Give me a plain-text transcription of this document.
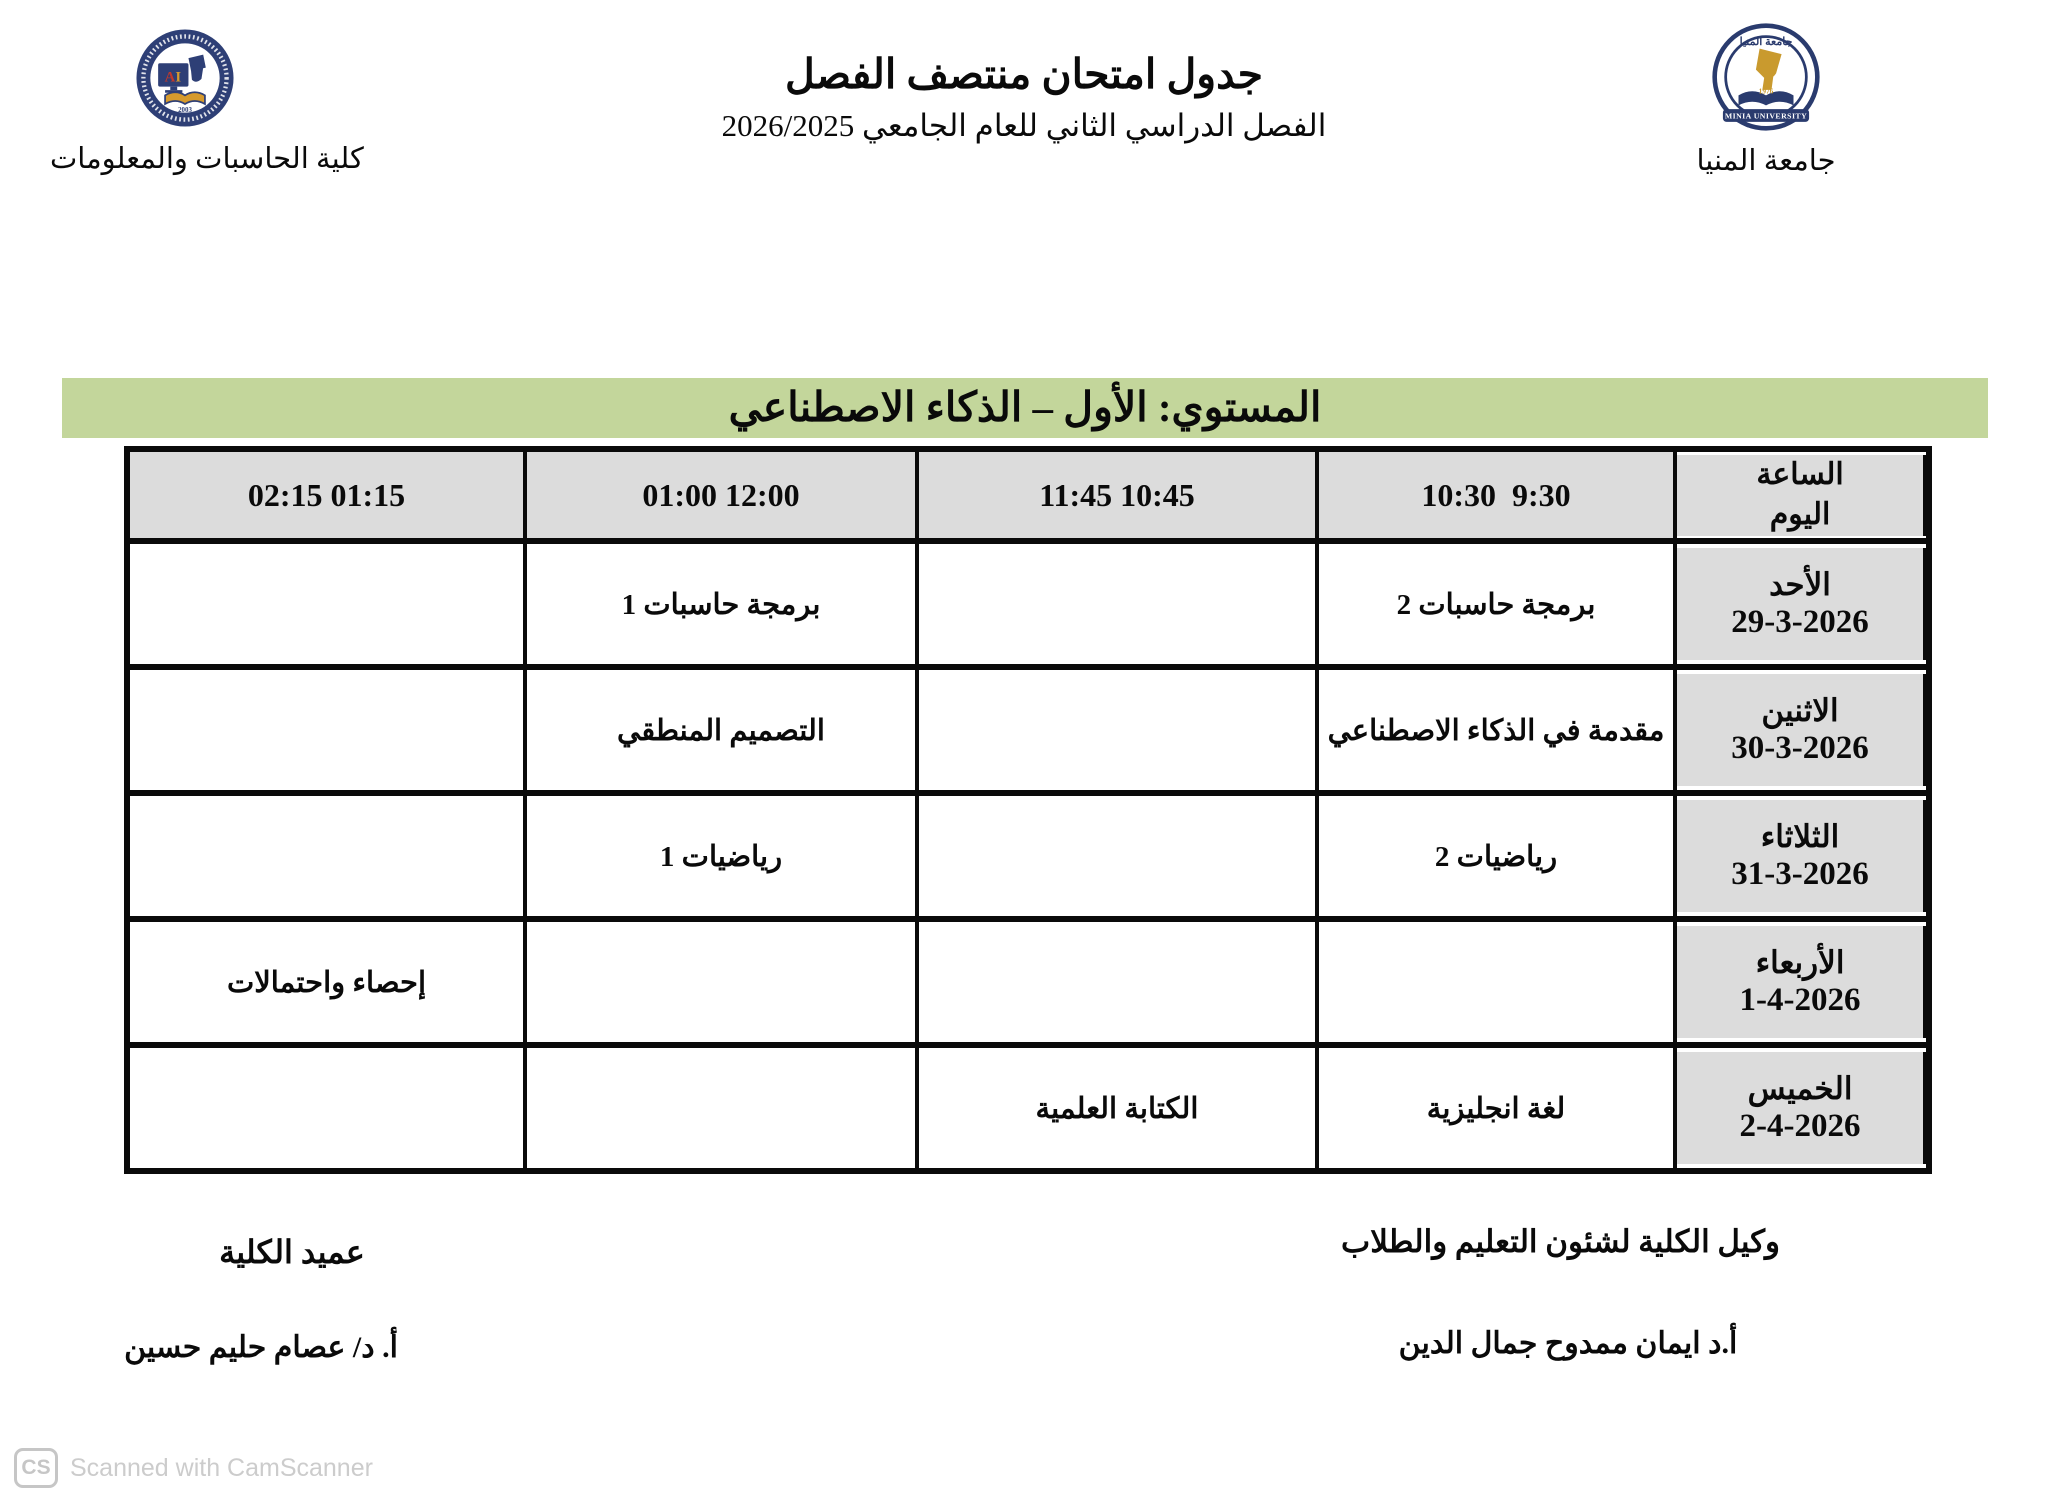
AI
2003
كلية الحاسبات والمعلومات
جدول امتحان منتصف الفصل
الفصل الدراسي الثاني للعام الجامعي 2026/2025
جامعة المنيا
1976
MINIA UNIVERSITY
جامعة المنيا
المستوي: الأول – الذكاء الاصطناعي
الساعة
اليوم	10:30  9:30	11:45 10:45	01:00 12:00	02:15 01:15

الأحد
29-3-2026	برمجة حاسبات 2		برمجة حاسبات 1	

الاثنين
30-3-2026	مقدمة في الذكاء الاصطناعي		التصميم المنطقي	

الثلاثاء
31-3-2026	رياضيات 2		رياضيات 1	

الأربعاء
1-4-2026				إحصاء واحتمالات

الخميس
2-4-2026	لغة انجليزية	الكتابة العلمية		
وكيل الكلية لشئون التعليم والطلاب
عميد الكلية
أ.د ايمان ممدوح جمال الدين
أ. د/ عصام حليم حسين
CS Scanned with CamScanner
